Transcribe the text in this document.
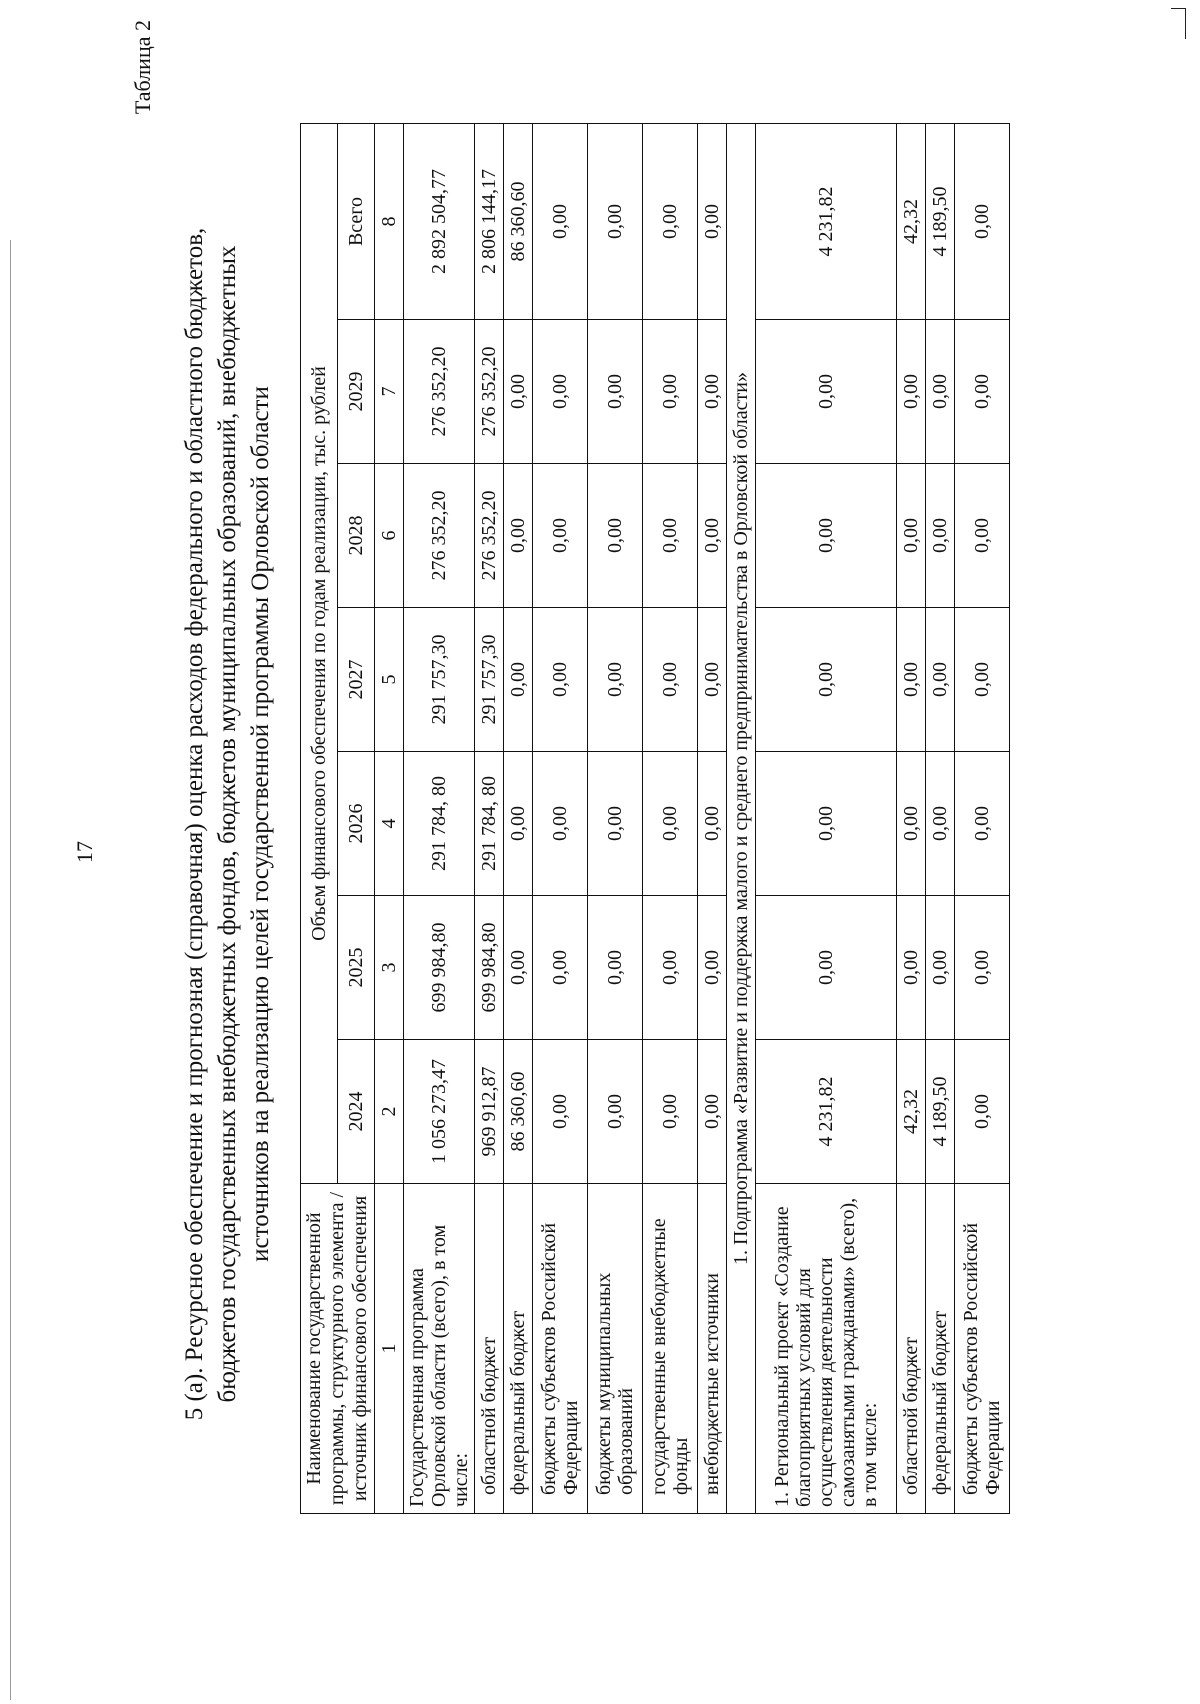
17
Таблица 2
5 (а). Ресурсное обеспечение и прогнозная (справочная) оценка расходов федерального и областного бюджетов, бюджетов государственных внебюджетных фондов, бюджетов муниципальных образований, внебюджетных источников на реализацию целей государственной программы Орловской области
Наименование государственной программы, структурного элемента / источник финансового обеспечения	Объем финансового обеспечения по годам реализации, тыс. рублей						
	2024	2025	2026	2027	2028	2029	Всего
1	2	3	4	5	6	7	8
Государственная программа Орловской области (всего), в том числе:	1 056 273,47	699 984,80	291 784, 80	291 757,30	276 352,20	276 352,20	2 892 504,77
областной бюджет	969 912,87	699 984,80	291 784, 80	291 757,30	276 352,20	276 352,20	2 806 144,17
федеральный бюджет	86 360,60	0,00	0,00	0,00	0,00	0,00	86 360,60
бюджеты субъектов Российской Федерации	0,00	0,00	0,00	0,00	0,00	0,00	0,00
бюджеты муниципальных образований	0,00	0,00	0,00	0,00	0,00	0,00	0,00
государственные внебюджетные фонды	0,00	0,00	0,00	0,00	0,00	0,00	0,00
внебюджетные источники	0,00	0,00	0,00	0,00	0,00	0,00	0,00
1. Подпрограмма «Развитие и поддержка малого и среднего предпринимательства в Орловской области»							
1. Региональный проект «Создание благоприятных условий для осуществления деятельности самозанятыми гражданами» (всего), в том числе:	4 231,82	0,00	0,00	0,00	0,00	0,00	4 231,82
областной бюджет	42,32	0,00	0,00	0,00	0,00	0,00	42,32
федеральный бюджет	4 189,50	0,00	0,00	0,00	0,00	0,00	4 189,50
бюджеты субъектов Российской Федерации	0,00	0,00	0,00	0,00	0,00	0,00	0,00
